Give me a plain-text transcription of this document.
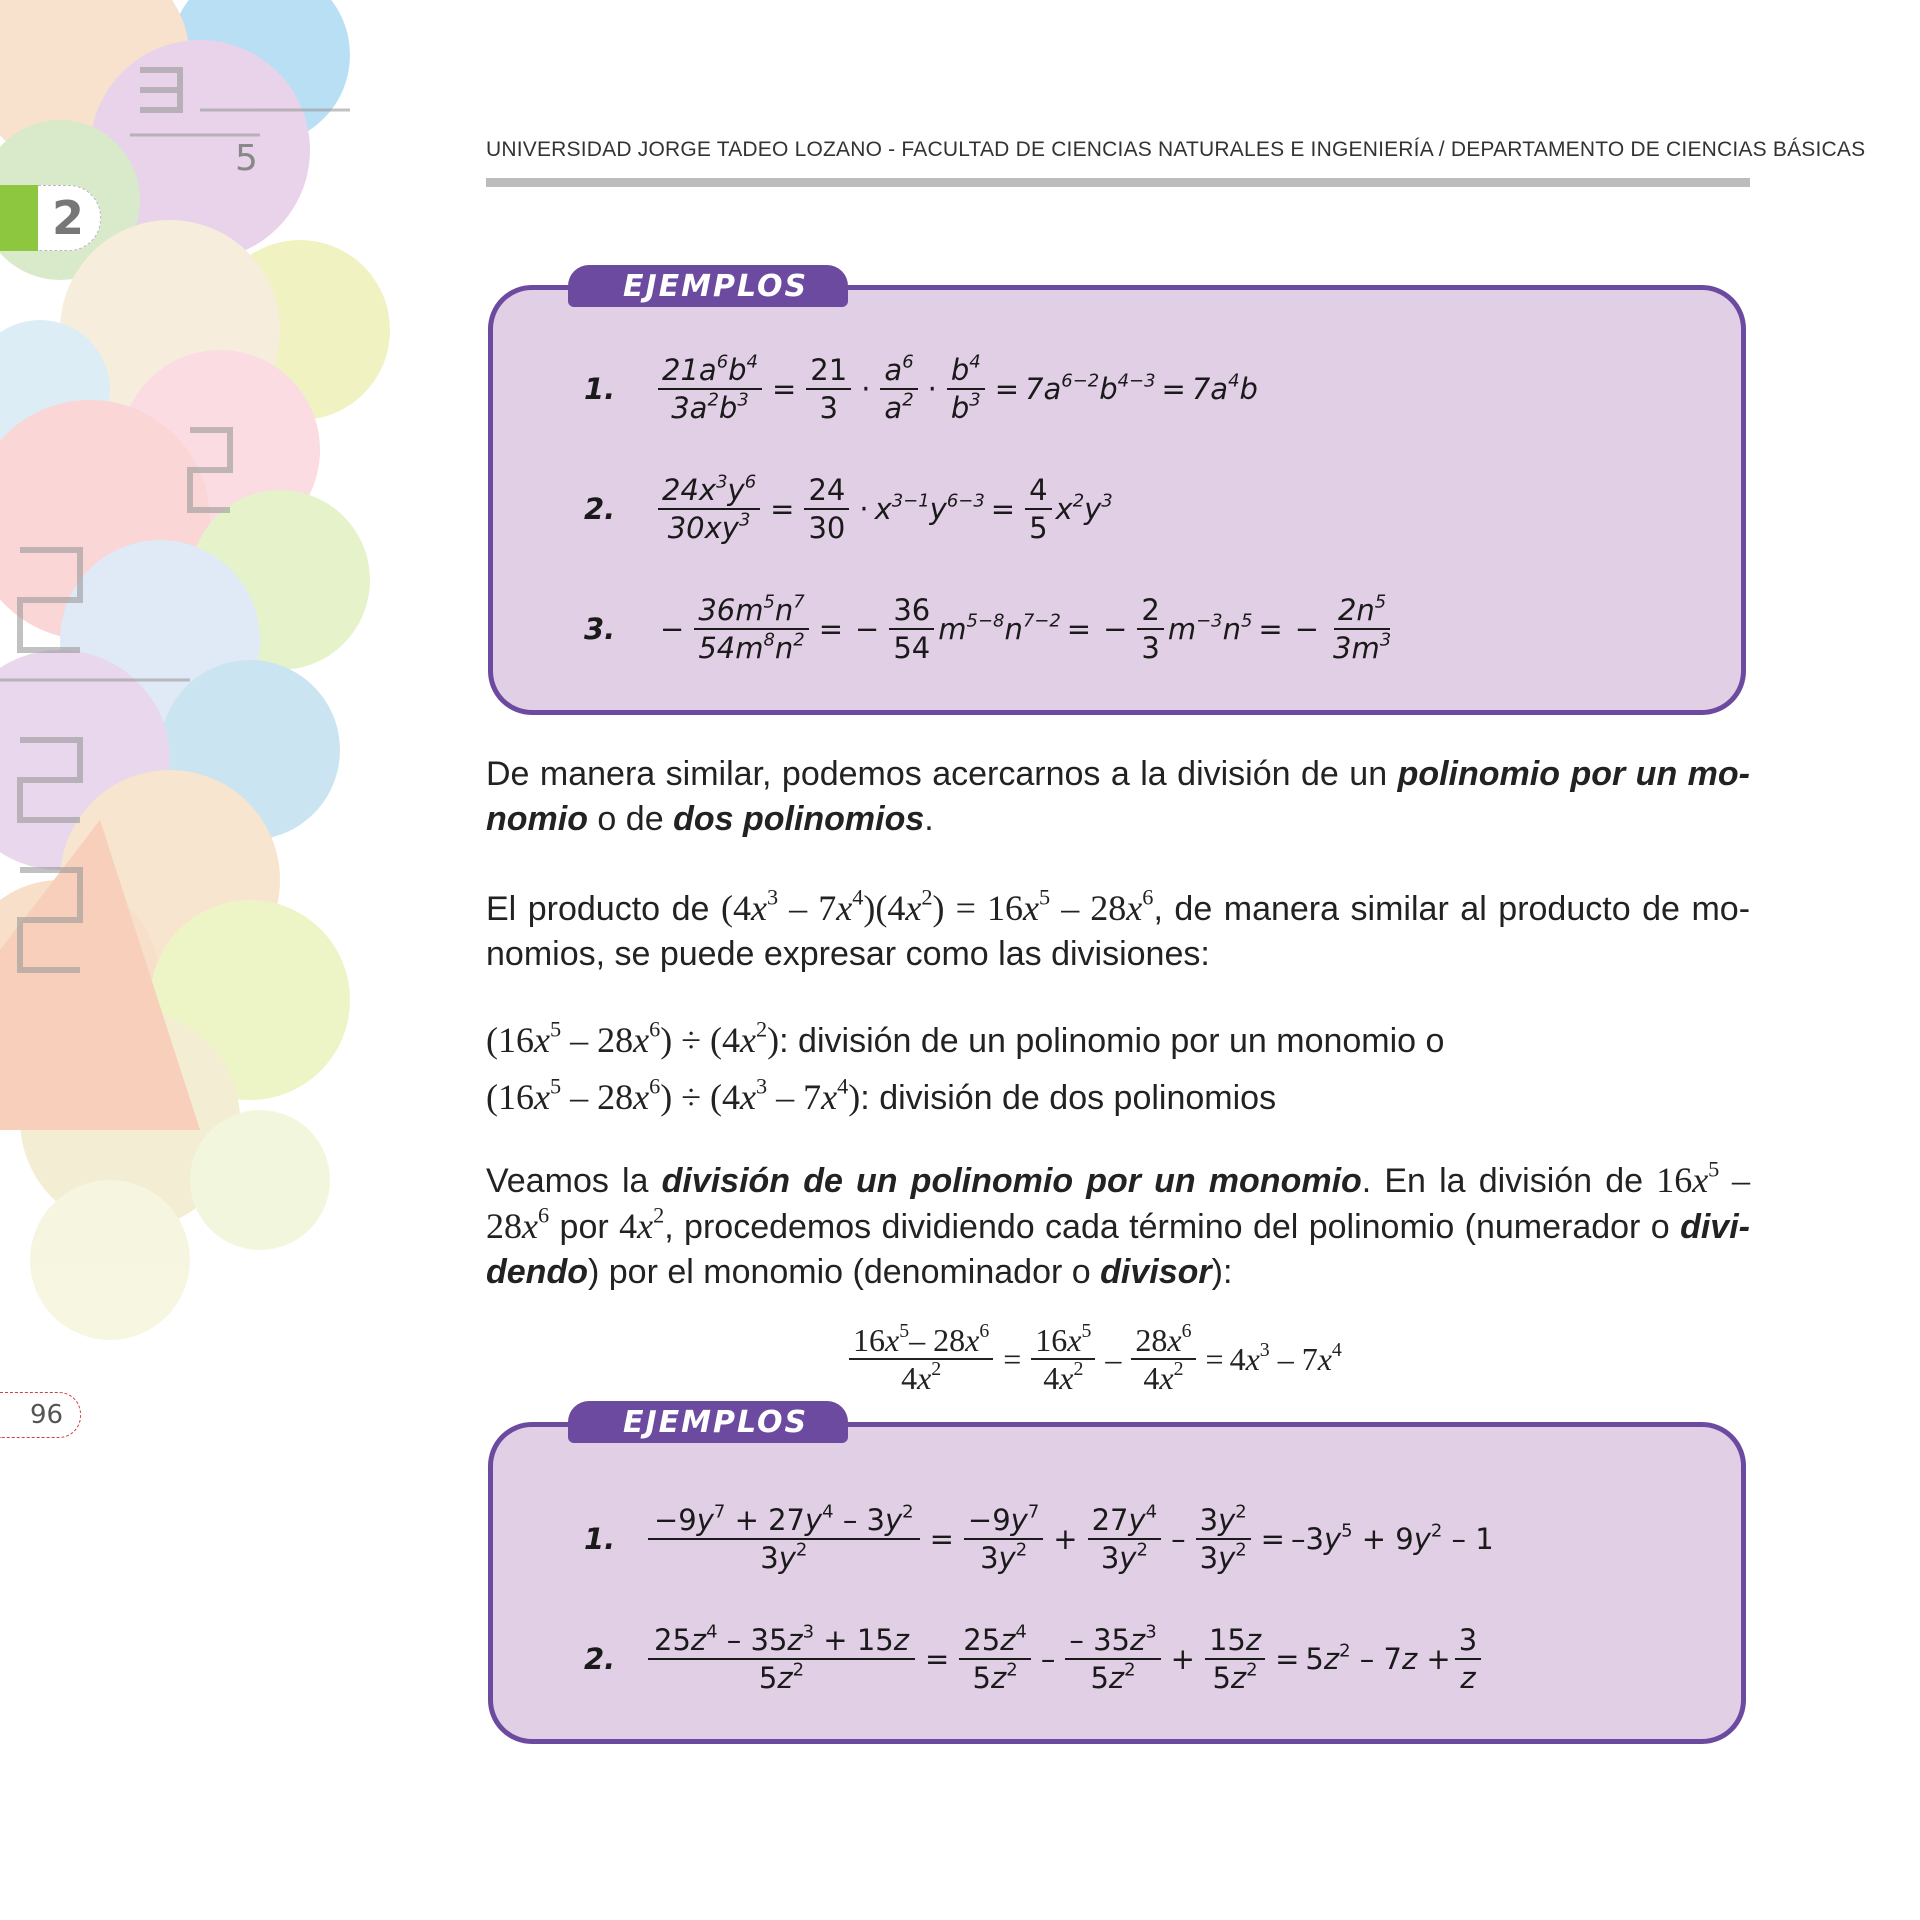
5
2
96
UNIVERSIDAD JORGE TADEO LOZANO - FACULTAD DE CIENCIAS NATURALES E INGENIERÍA / DEPARTAMENTO DE CIENCIAS BÁSICAS
EJEMPLOS
1.	$\frac{21a^6b^4}{3a^2b^3} = \frac{21}{3} \cdot \frac{a^6}{a^2} \cdot \frac{b^4}{b^3} = 7a^{6-2}b^{4-3} = 7a^4b$
2.	$\frac{24x^3y^6}{30xy^3} = \frac{24}{30} \cdot x^{3-1}y^{6-3} = \frac{4}{5} x^2y^3$
3.	− $\frac{36m^5n^7}{54m^8n^2}$ = − $\frac{36}{54} m^{5-8}n^{7-2}$ = − $\frac{2}{3} m^{-3}n^5$ = − $\frac{2n^5}{3m^3}$
De manera similar, podemos acercarnos a la división de un polinomio por un mo-nomio o de dos polinomios.
El producto de $(4x^3 - 7x^4)(4x^2) = 16x^5 - 28x^6$, de manera similar al producto de mo-nomios, se puede expresar como las divisiones:
$(16x^5 - 28x^6) \div (4x^2)$: división de un polinomio por un monomio o
$(16x^5 - 28x^6) \div (4x^3 - 7x^4)$: división de dos polinomios
Veamos la división de un polinomio por un monomio. En la división de $16x^5 - 28x^6$ por $4x^2$, procedemos dividiendo cada término del polinomio (numerador o divi-dendo) por el monomio (denominador o divisor):
$\frac{16x^5- 28x^6}{4x^2} = \frac{16x^5}{4x^2} - \frac{28x^6}{4x^2} = 4x^3 - 7x^4$
EJEMPLOS
1.	$\frac{-9y^7 + 27y^4 - 3y^2}{3y^2} = \frac{-9y^7}{3y^2} + \frac{27y^4}{3y^2} - \frac{3y^2}{3y^2} = -3y^5 + 9y^2 - 1$
2.	$\frac{25z^4 - 35z^3 + 15z}{5z^2} = \frac{25z^4}{5z^2} - \frac{- 35z^3}{5z^2} + \frac{15z}{5z^2} = 5z^2 - 7z + \frac{3}{z}$
